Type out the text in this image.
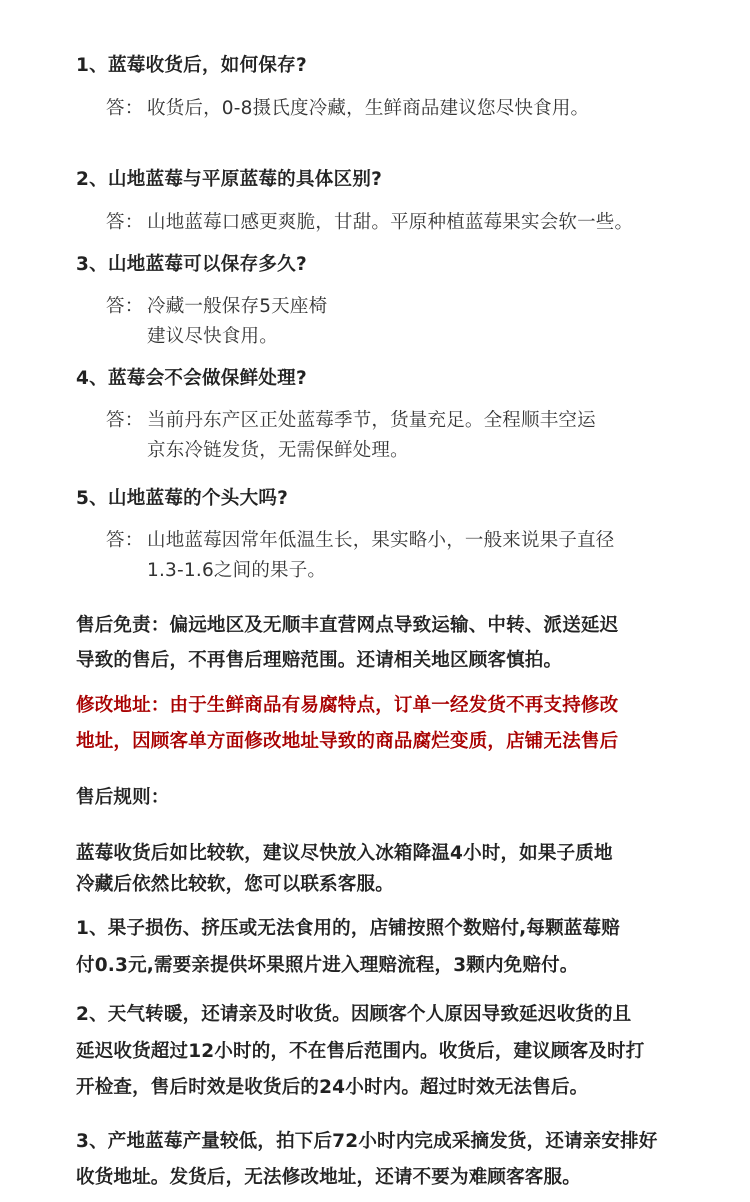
1、蓝莓收货后，如何保存?
答： 收货后，0-8摄氏度冷藏，生鲜商品建议您尽快食用。
2、山地蓝莓与平原蓝莓的具体区别?
答： 山地蓝莓口感更爽脆，甘甜。平原种植蓝莓果实会软一些。
3、山地蓝莓可以保存多久?
答： 冷藏一般保存5天座椅
建议尽快食用。
4、蓝莓会不会做保鲜处理?
答： 当前丹东产区正处蓝莓季节，货量充足。全程顺丰空运
京东冷链发货，无需保鲜处理。
5、山地蓝莓的个头大吗?
答： 山地蓝莓因常年低温生长，果实略小，一般来说果子直径
1.3-1.6之间的果子。
售后免责：偏远地区及无顺丰直营网点导致运输、中转、派送延迟
导致的售后，不再售后理赔范围。还请相关地区顾客慎拍。
修改地址：由于生鲜商品有易腐特点，订单一经发货不再支持修改
地址，因顾客单方面修改地址导致的商品腐烂变质，店铺无法售后
售后规则：
蓝莓收货后如比较软，建议尽快放入冰箱降温4小时，如果子质地
冷藏后依然比较软，您可以联系客服。
1、果子损伤、挤压或无法食用的，店铺按照个数赔付,每颗蓝莓赔
付0.3元,需要亲提供坏果照片进入理赔流程，3颗内免赔付。
2、天气转暖，还请亲及时收货。因顾客个人原因导致延迟收货的且
延迟收货超过12小时的，不在售后范围内。收货后，建议顾客及时打
开检查，售后时效是收货后的24小时内。超过时效无法售后。
3、产地蓝莓产量较低，拍下后72小时内完成采摘发货，还请亲安排好
收货地址。发货后，无法修改地址，还请不要为难顾客客服。
